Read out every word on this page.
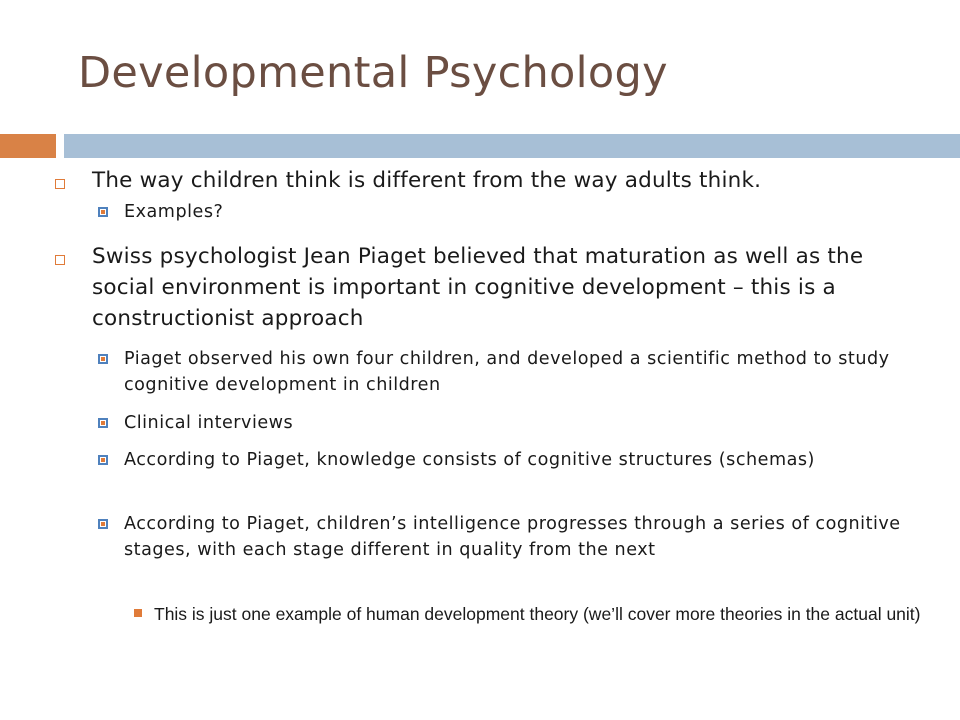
Developmental Psychology
The way children think is different from the way adults think.
Examples?
Swiss psychologist Jean Piaget believed that maturation as well as the social environment is important in cognitive development – this is a constructionist approach
Piaget observed his own four children, and developed a scientific method to study cognitive development in children
Clinical interviews
According to Piaget, knowledge consists of cognitive structures (schemas)
According to Piaget, children’s intelligence progresses through a series of cognitive stages, with each stage different in quality from the next
This is just one example of human development theory (we’ll cover more theories in the actual unit)
